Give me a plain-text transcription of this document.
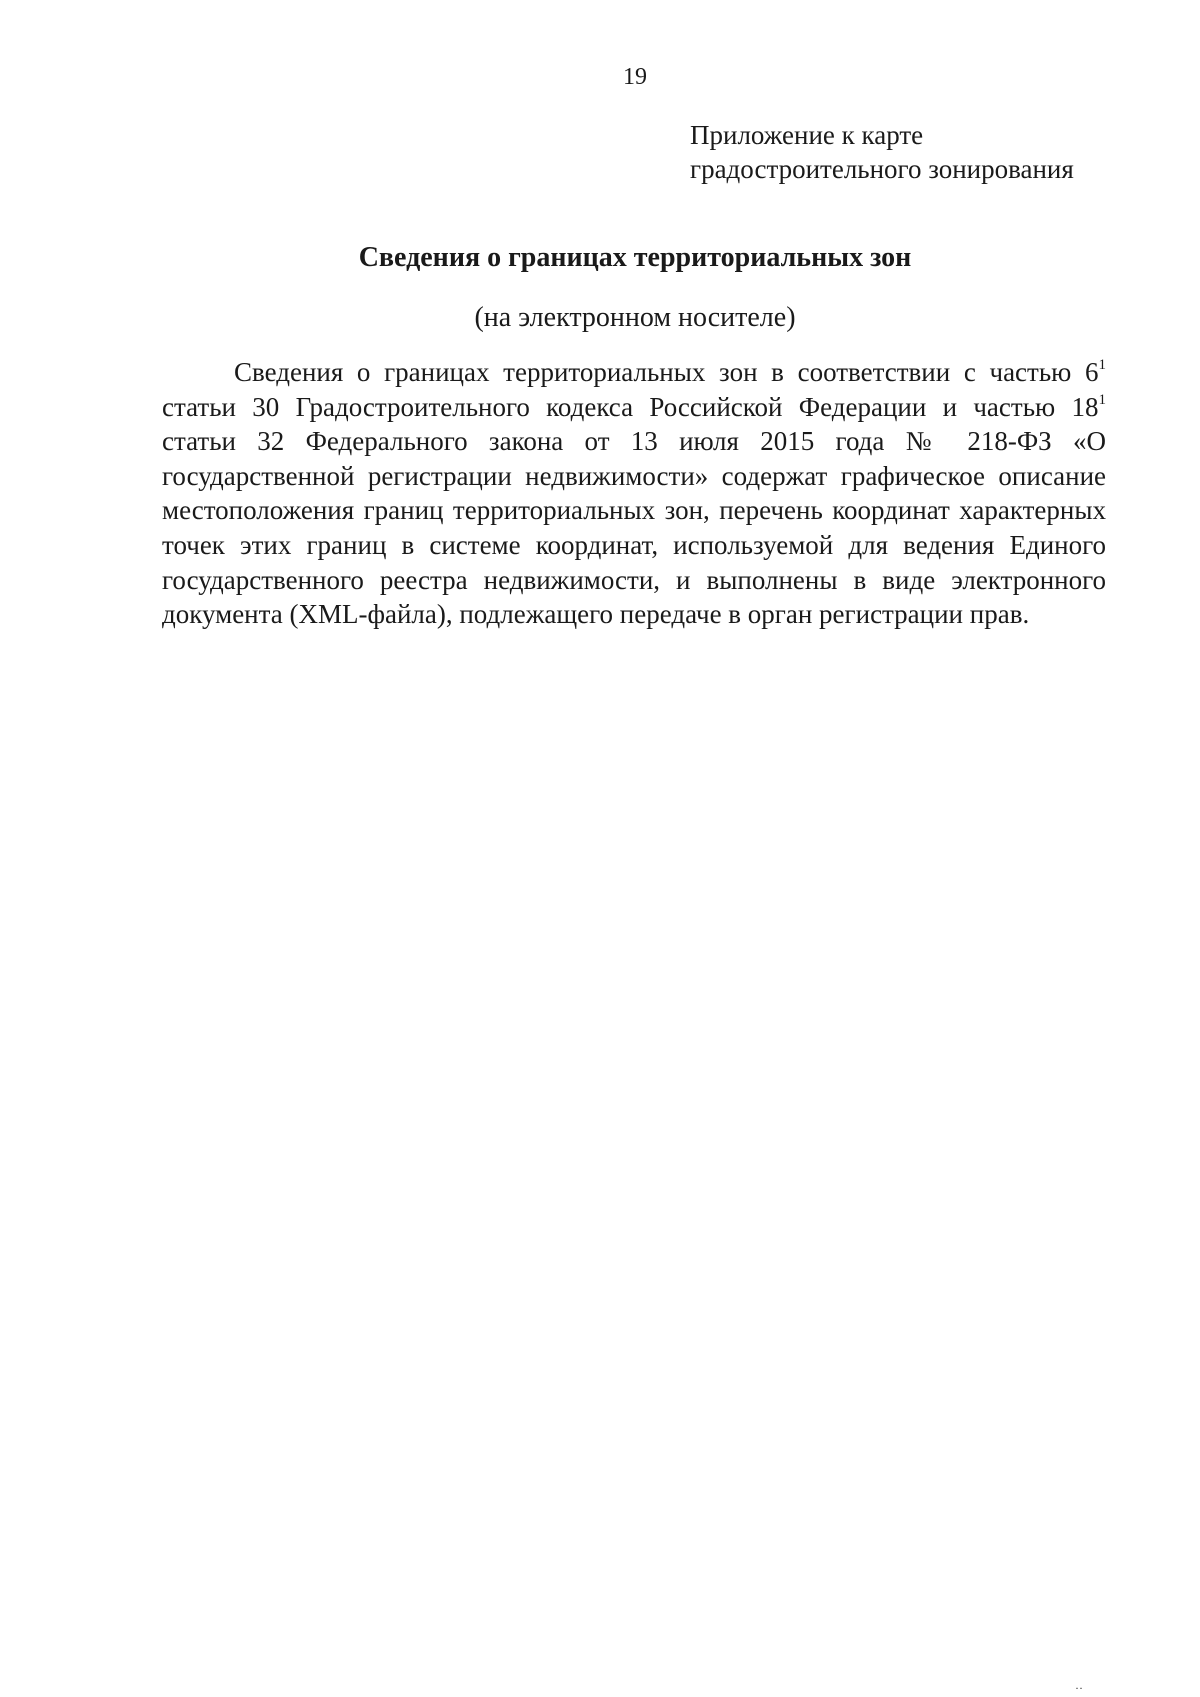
19
Приложение к карте
градостроительного зонирования
Сведения о границах территориальных зон
(на электронном носителе)

Сведения о границах территориальных зон в соответствии с частью $6^1$ статьи 30 Градостроительного кодекса Российской Федерации и частью $18^1$ статьи 32 Федерального закона от 13 июля 2015 года № 218-ФЗ «О государственной регистрации недвижимости» содержат графическое описание местоположения границ территориальных зон, перечень координат характерных точек этих границ в системе координат, используемой для ведения Единого государственного реестра недвижимости, и выполнены в виде электронного документа (XML-файла), подлежащего передаче в орган регистрации прав.

··
